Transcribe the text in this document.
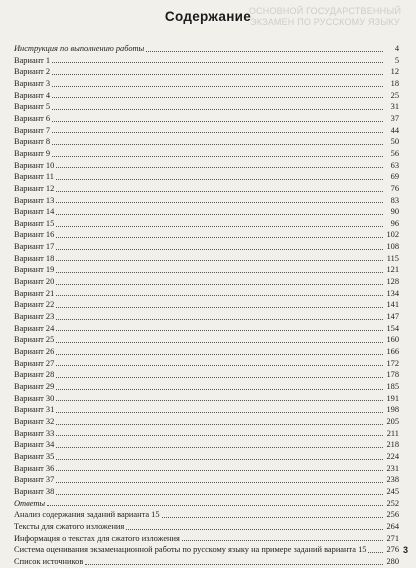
ОСНОВНОЙ ГОСУДАРСТВЕННЫЙ ЭКЗАМЕН ПО РУССКОМУ ЯЗЫКУ
Содержание
Инструкция по выполнению работы	4
Вариант 1	5
Вариант 2	12
Вариант 3	18
Вариант 4	25
Вариант 5	31
Вариант 6	37
Вариант 7	44
Вариант 8	50
Вариант 9	56
Вариант 10	63
Вариант 11	69
Вариант 12	76
Вариант 13	83
Вариант 14	90
Вариант 15	96
Вариант 16	102
Вариант 17	108
Вариант 18	115
Вариант 19	121
Вариант 20	128
Вариант 21	134
Вариант 22	141
Вариант 23	147
Вариант 24	154
Вариант 25	160
Вариант 26	166
Вариант 27	172
Вариант 28	178
Вариант 29	185
Вариант 30	191
Вариант 31	198
Вариант 32	205
Вариант 33	211
Вариант 34	218
Вариант 35	224
Вариант 36	231
Вариант 37	238
Вариант 38	245
Ответы	252
Анализ содержания заданий варианта 15	256
Тексты для сжатого изложения	264
Информация о текстах для сжатого изложения	271
Система оценивания экзаменационной работы по русскому языку на примере заданий варианта 15 276
Список источников	280
3
